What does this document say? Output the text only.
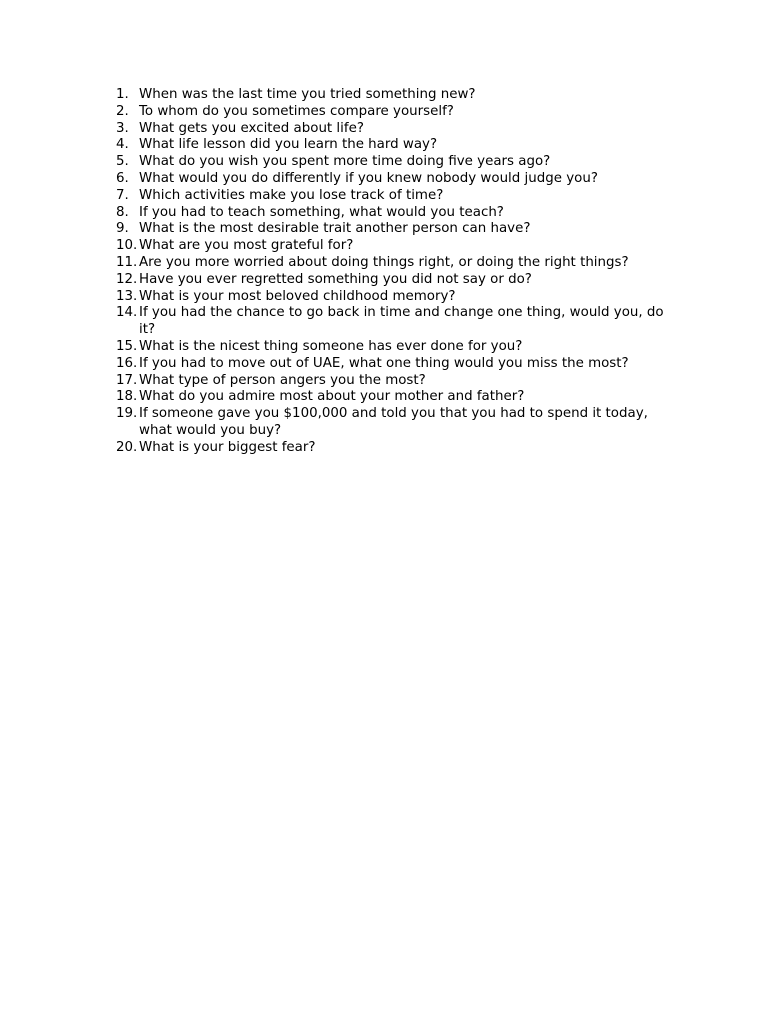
1. When was the last time you tried something new?
2. To whom do you sometimes compare yourself?
3. What gets you excited about life?
4. What life lesson did you learn the hard way?
5. What do you wish you spent more time doing five years ago?
6. What would you do differently if you knew nobody would judge you?
7. Which activities make you lose track of time?
8. If you had to teach something, what would you teach?
9. What is the most desirable trait another person can have?
10. What are you most grateful for?
11. Are you more worried about doing things right, or doing the right things?
12. Have you ever regretted something you did not say or do?
13. What is your most beloved childhood memory?
14. If you had the chance to go back in time and change one thing, would you, do it?
15. What is the nicest thing someone has ever done for you?
16. If you had to move out of UAE, what one thing would you miss the most?
17. What type of person angers you the most?
18. What do you admire most about your mother and father?
19. If someone gave you $100,000 and told you that you had to spend it today, what would you buy?
20. What is your biggest fear?
